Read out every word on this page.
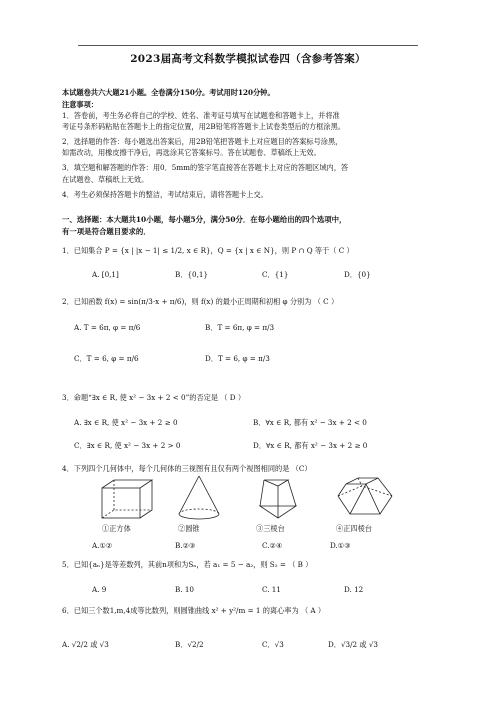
2023届高考文科数学模拟试卷四（含参考答案）
本试题卷共六大题21小题。全卷满分150分。考试用时120分钟。
注意事项：
1．答卷前，考生务必将自己的学校、姓名、准考证号填写在试题卷和答题卡上，并将准
考证号条形码粘贴在答题卡上的指定位置，用2B铅笔将答题卡上试卷类型后的方框涂黑。
2．选择题的作答：每小题选出答案后，用2B铅笔把答题卡上对应题目的答案标号涂黑，
如需改动，用橡皮擦干净后，再选涂其它答案标号。答在试题卷、草稿纸上无效。
3．填空题和解答题的作答：用0．5mm的签字笔直接答在答题卡上对应的答题区域内，答
在试题卷、草稿纸上无效。
4．考生必须保持答题卡的整洁，考试结束后，请将答题卡上交。
一、选择题：本大题共10小题，每小题5分，满分50分．在每小题给出的四个选项中，
有一项是符合题目要求的．
1．已知集合 P = {x | |x − 1| ≤ 1/2, x ∈ R}，Q = {x | x ∈ N}，则 P ∩ Q 等于（ C ）
A. [0,1]	B．{0,1}	C．{1}	D．{0}
2．已知函数 f(x) = sin(π/3·x + π/6)，则 f(x) 的最小正周期和初相 φ 分别为 （ C ）
A. T = 6π, φ = π/6	B．T = 6π, φ = π/3
C．T = 6, φ = π/6	D．T = 6, φ = π/3
3．命题“∃x ∈ R, 使 x² − 3x + 2 < 0”的否定是 （ D ）
A. ∃x ∈ R, 使 x² − 3x + 2 ≥ 0	B．∀x ∈ R, 都有 x² − 3x + 2 < 0
C．∃x ∈ R, 使 x² − 3x + 2 > 0	D．∀x ∈ R, 都有 x² − 3x + 2 ≥ 0
4．下列四个几何体中，每个几何体的三视图有且仅有两个视图相同的是 （C）
①正方体	②圆锥	③三棱台	④正四棱台
A.①②	B.②③	C.②④	D.①③
5．已知{aₙ}是等差数列，其前n项和为Sₙ，若 a₁ = 5 − a₂，则 S₂ = （ B ）
A. 9	B. 10	C. 11	D. 12
6．已知三个数1,m,4成等比数列，则圆锥曲线 x² + y²/m = 1 的离心率为 （ A ）
A. √2/2 或 √3	B．√2/2	C．√3	D．√3/2 或 √3
